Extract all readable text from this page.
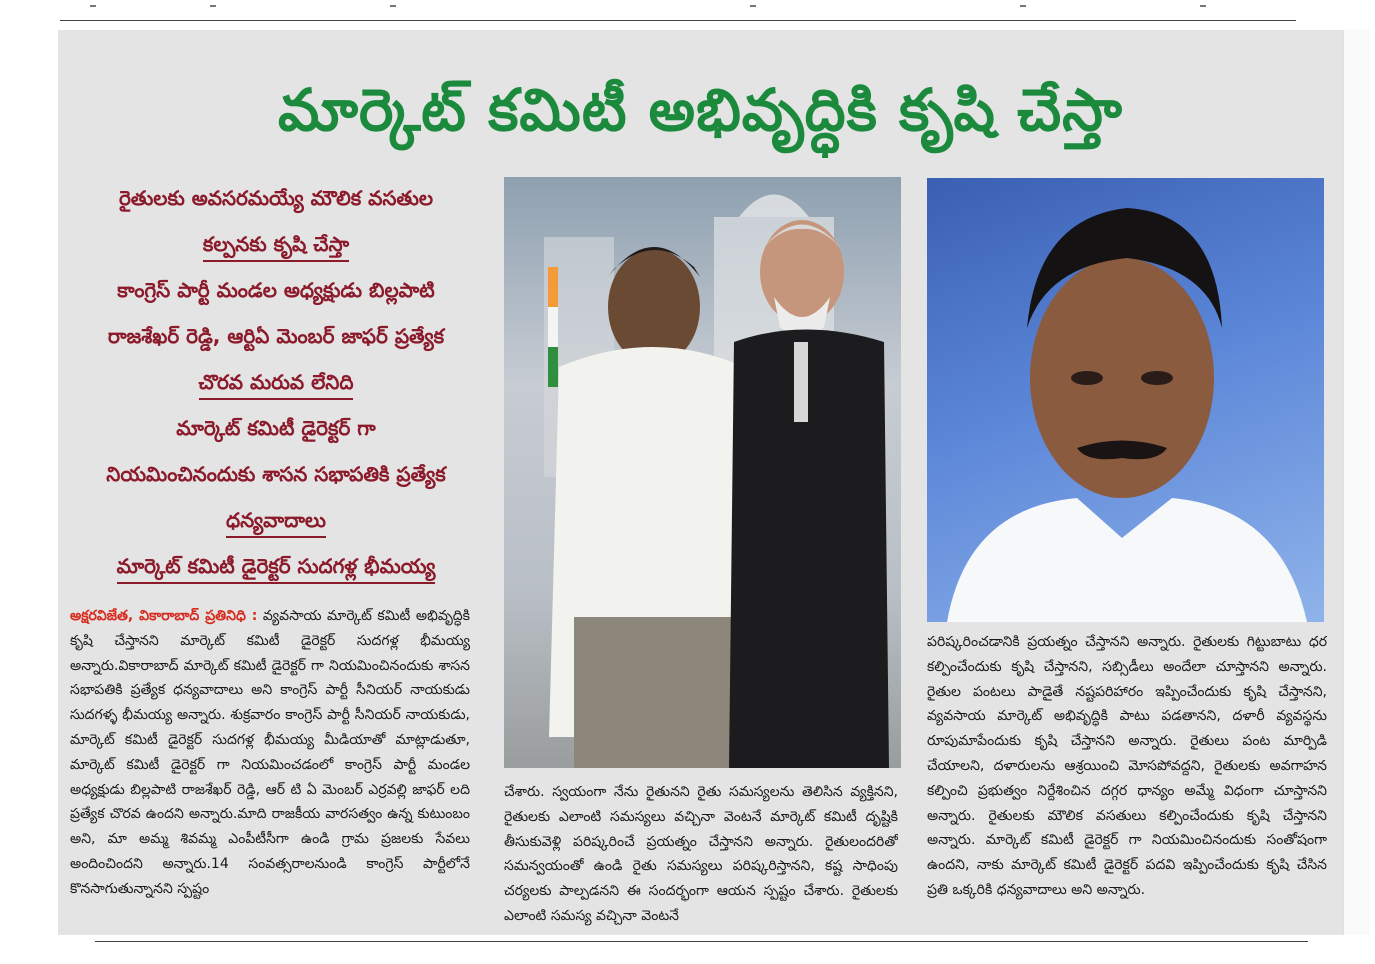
మార్కెట్ కమిటీ అభివృద్ధికి కృషి చేస్తా
రైతులకు అవసరమయ్యే మౌలిక వసతుల
కల్పనకు కృషి చేస్తా
కాంగ్రెస్ పార్టీ మండల అధ్యక్షుడు బిల్లపాటి
రాజశేఖర్ రెడ్డి, ఆర్టిఏ మెంబర్ జాఫర్ ప్రత్యేక
చొరవ మరువ లేనిది
మార్కెట్ కమిటీ డైరెక్టర్ గా
నియమించినందుకు శాసన సభాపతికి ప్రత్యేక
ధన్యవాదాలు
మార్కెట్ కమిటీ డైరెక్టర్ సుదగళ్ల భీమయ్య
అక్షరవిజేత, వికారాబాద్ ప్రతినిధి : వ్యవసాయ మార్కెట్ కమిటీ అభివృద్ధికి కృషి చేస్తానని మార్కెట్ కమిటీ డైరెక్టర్ సుదగళ్ల భీమయ్య అన్నారు.వికారాబాద్ మార్కెట్ కమిటీ డైరెక్టర్ గా నియమించినందుకు శాసన సభాపతికి ప్రత్యేక ధన్యవాదాలు అని కాంగ్రెస్ పార్టీ సీనియర్ నాయకుడు సుదగళ్ళ భీమయ్య అన్నారు. శుక్రవారం కాంగ్రెస్ పార్టీ సీనియర్ నాయకుడు, మార్కెట్ కమిటీ డైరెక్టర్ సుదగళ్ల భీమయ్య మీడియాతో మాట్లాడుతూ, మార్కెట్ కమిటీ డైరెక్టర్ గా నియమించడంలో కాంగ్రెస్ పార్టీ మండల అధ్యక్షుడు బిల్లపాటి రాజశేఖర్ రెడ్డి, ఆర్ టి ఏ మెంబర్ ఎర్రవల్లి జాఫర్ లది ప్రత్యేక చొరవ ఉందని అన్నారు.మాది రాజకీయ వారసత్వం ఉన్న కుటుంబం అని, మా అమ్మ శివమ్మ ఎంపీటీసీగా ఉండి గ్రామ ప్రజలకు సేవలు అందించిందని అన్నారు.14 సంవత్సరాలనుండి కాంగ్రెస్ పార్టీలోనే కొనసాగుతున్నానని స్పష్టం
చేశారు. స్వయంగా నేను రైతునని రైతు సమస్యలను తెలిసిన వ్యక్తినని, రైతులకు ఎలాంటి సమస్యలు వచ్చినా వెంటనే మార్కెట్ కమిటీ దృష్టికి తీసుకువెళ్లి పరిష్కరించే ప్రయత్నం చేస్తానని అన్నారు. రైతులందరితో సమన్వయంతో ఉండి రైతు సమస్యలు పరిష్కరిస్తానని, కష్ట సాధింపు చర్యలకు పాల్పడనని ఈ సందర్భంగా ఆయన స్పష్టం చేశారు. రైతులకు ఎలాంటి సమస్య వచ్చినా వెంటనే
పరిష్కరించడానికి ప్రయత్నం చేస్తానని అన్నారు. రైతులకు గిట్టుబాటు ధర కల్పించేందుకు కృషి చేస్తానని, సబ్సిడీలు అందేలా చూస్తానని అన్నారు. రైతుల పంటలు పాడైతే నష్టపరిహారం ఇప్పించేందుకు కృషి చేస్తానని, వ్యవసాయ మార్కెట్ అభివృద్ధికి పాటు పడతానని, దళారీ వ్యవస్థను రూపుమాపేందుకు కృషి చేస్తానని అన్నారు. రైతులు పంట మార్పిడి చేయాలని, దళారులను ఆశ్రయించి మోసపోవద్దని, రైతులకు అవగాహన కల్పించి ప్రభుత్వం నిర్దేశించిన దగ్గర ధాన్యం అమ్మే విధంగా చూస్తానని అన్నారు. రైతులకు మౌలిక వసతులు కల్పించేందుకు కృషి చేస్తానని అన్నారు. మార్కెట్ కమిటీ డైరెక్టర్ గా నియమించినందుకు సంతోషంగా ఉందని, నాకు మార్కెట్ కమిటీ డైరెక్టర్ పదవి ఇప్పించేందుకు కృషి చేసిన ప్రతి ఒక్కరికి ధన్యవాదాలు అని అన్నారు.
